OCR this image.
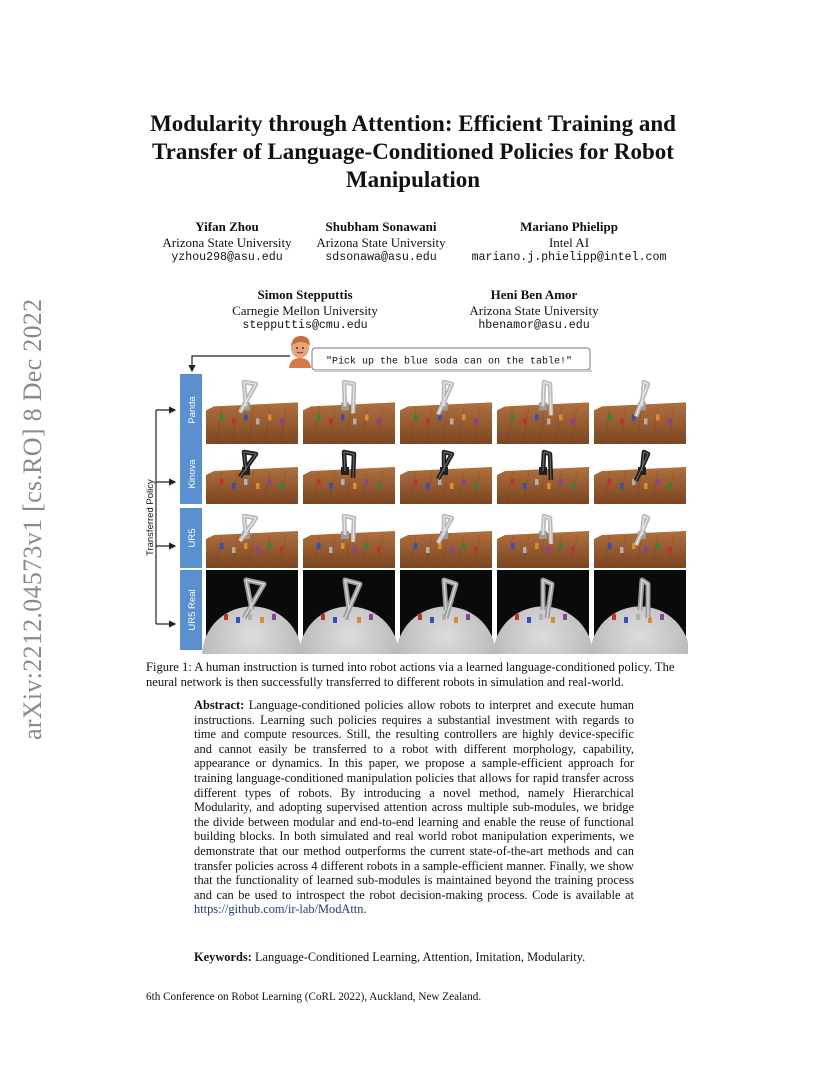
arXiv:2212.04573v1 [cs.RO] 8 Dec 2022
Modularity through Attention: Efficient Training and Transfer of Language-Conditioned Policies for Robot Manipulation
Yifan Zhou
Arizona State University
yzhou298@asu.edu
Shubham Sonawani
Arizona State University
sdsonawa@asu.edu
Mariano Phielipp
Intel AI
mariano.j.phielipp@intel.com
Simon Stepputtis
Carnegie Mellon University
stepputtis@cmu.edu
Heni Ben Amor
Arizona State University
hbenamor@asu.edu
"Pick up the blue soda can on the table!"
Transferred Policy
Panda
Kinova
UR5
UR5 Real

Figure 1: A human instruction is turned into robot actions via a learned language-conditioned policy. The neural network is then successfully transferred to different robots in simulation and real-world.

Abstract: Language-conditioned policies allow robots to interpret and execute human instructions. Learning such policies requires a substantial investment with regards to time and compute resources. Still, the resulting controllers are highly device-specific and cannot easily be transferred to a robot with different morphology, capability, appearance or dynamics. In this paper, we propose a sample-efficient approach for training language-conditioned manipulation policies that allows for rapid transfer across different types of robots. By introducing a novel method, namely Hierarchical Modularity, and adopting supervised attention across multiple sub-modules, we bridge the divide between modular and end-to-end learning and enable the reuse of functional building blocks. In both simulated and real world robot manipulation experiments, we demonstrate that our method outperforms the current state-of-the-art methods and can transfer policies across 4 different robots in a sample-efficient manner. Finally, we show that the functionality of learned sub-modules is maintained beyond the training process and can be used to introspect the robot decision-making process. Code is available at https://github.com/ir-lab/ModAttn.
Keywords: Language-Conditioned Learning, Attention, Imitation, Modularity.
6th Conference on Robot Learning (CoRL 2022), Auckland, New Zealand.
